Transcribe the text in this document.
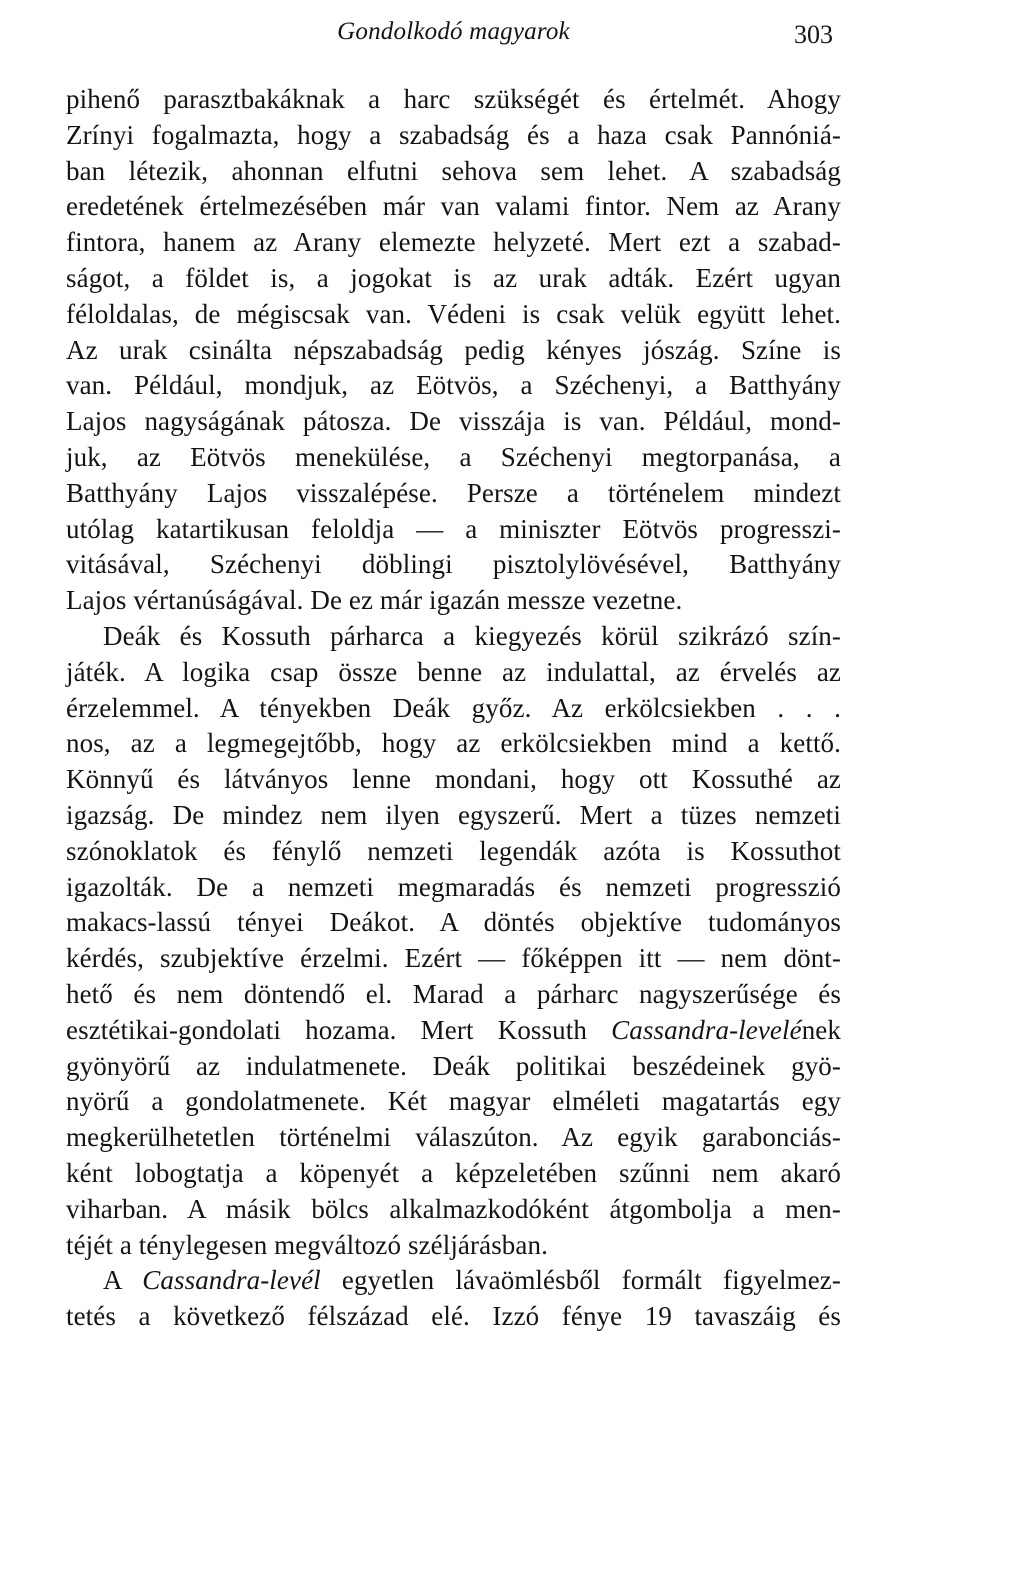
Gondolkodó magyarok	303

pihenő parasztbakáknak a harc szükségét és értelmét. Ahogy
Zrínyi fogalmazta, hogy a szabadság és a haza csak Pannóniá-
ban létezik, ahonnan elfutni sehova sem lehet. A szabadság
eredetének értelmezésében már van valami fintor. Nem az Arany
fintora, hanem az Arany elemezte helyzeté. Mert ezt a szabad-
ságot, a földet is, a jogokat is az urak adták. Ezért ugyan
féloldalas, de mégiscsak van. Védeni is csak velük együtt lehet.
Az urak csinálta népszabadság pedig kényes jószág. Színe is
van. Például, mondjuk, az Eötvös, a Széchenyi, a Batthyány
Lajos nagyságának pátosza. De visszája is van. Például, mond-
juk, az Eötvös menekülése, a Széchenyi megtorpanása, a
Batthyány Lajos visszalépése. Persze a történelem mindezt
utólag katartikusan feloldja — a miniszter Eötvös progresszi-
vitásával, Széchenyi döblingi pisztolylövésével, Batthyány
Lajos vértanúságával. De ez már igazán messze vezetne.

Deák és Kossuth párharca a kiegyezés körül szikrázó szín-
játék. A logika csap össze benne az indulattal, az érvelés az
érzelemmel. A tényekben Deák győz. Az erkölcsiekben . . .
nos, az a legmegejtőbb, hogy az erkölcsiekben mind a kettő.
Könnyű és látványos lenne mondani, hogy ott Kossuthé az
igazság. De mindez nem ilyen egyszerű. Mert a tüzes nemzeti
szónoklatok és fénylő nemzeti legendák azóta is Kossuthot
igazolták. De a nemzeti megmaradás és nemzeti progresszió
makacs-lassú tényei Deákot. A döntés objektíve tudományos
kérdés, szubjektíve érzelmi. Ezért — főképpen itt — nem dönt-
hető és nem döntendő el. Marad a párharc nagyszerűsége és
esztétikai-gondolati hozama. Mert Kossuth Cassandra-levelének
gyönyörű az indulatmenete. Deák politikai beszédeinek gyö-
nyörű a gondolatmenete. Két magyar elméleti magatartás egy
megkerülhetetlen történelmi válaszúton. Az egyik garabonciás-
ként lobogtatja a köpenyét a képzeletében szűnni nem akaró
viharban. A másik bölcs alkalmazkodóként átgombolja a men-
téjét a ténylegesen megváltozó széljárásban.

A Cassandra-levél egyetlen lávaömlésből formált figyelmez-
tetés a következő félszázad elé. Izzó fénye 19 tavaszáig és
